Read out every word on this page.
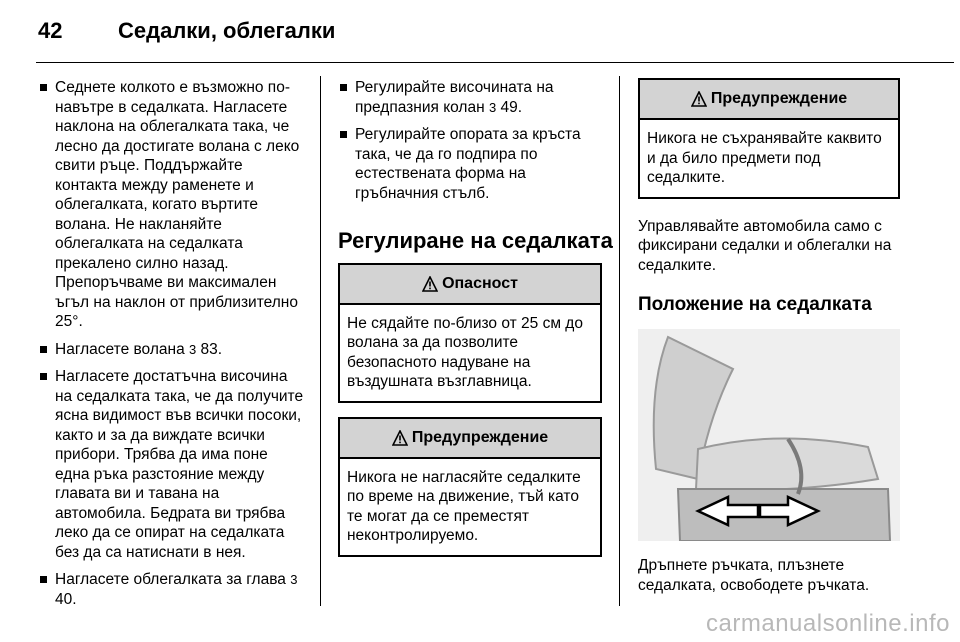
42	Седалки, облегалки
Седнете колкото е възможно по-навътре в седалката. Нагласете наклона на облегалката така, че лесно да достигате волана с леко свити ръце. Поддържайте контакта между раменете и облегалката, когато въртите волана. Не накланяйте облегалката на седалката прекалено силно назад. Препоръчваме ви максимален ъгъл на наклон от приблизително 25°.
Нагласете волана 3 83.
Нагласете достатъчна височина на седалката така, че да получите ясна видимост във всички посоки, както и за да виждате всички прибори. Трябва да има поне една ръка разстояние между главата ви и тавана на автомобила. Бедрата ви трябва леко да се опират на седалката без да са натиснати в нея.
Нагласете облегалката за глава 3 40.
Регулирайте височината на предпазния колан 3 49.
Регулирайте опората за кръста така, че да го подпира по естествената форма на гръбначния стълб.
Регулиране на седалката
Опасност

Не сядайте по-близо от 25 см до волана за да позволите безопасното надуване на въздушната възглавница.

Предупреждение

Никога не нагласяйте седалките по време на движение, тъй като те могат да се преместят неконтролируемо.

Предупреждение

Никога не съхранявайте каквито и да било предмети под седалките.

Управлявайте автомобила само с фиксирани седалки и облегалки на седалките.

Положение на седалката

Дръпнете ръчката, плъзнете седалката, освободете ръчката.

carmanualsonline.info
